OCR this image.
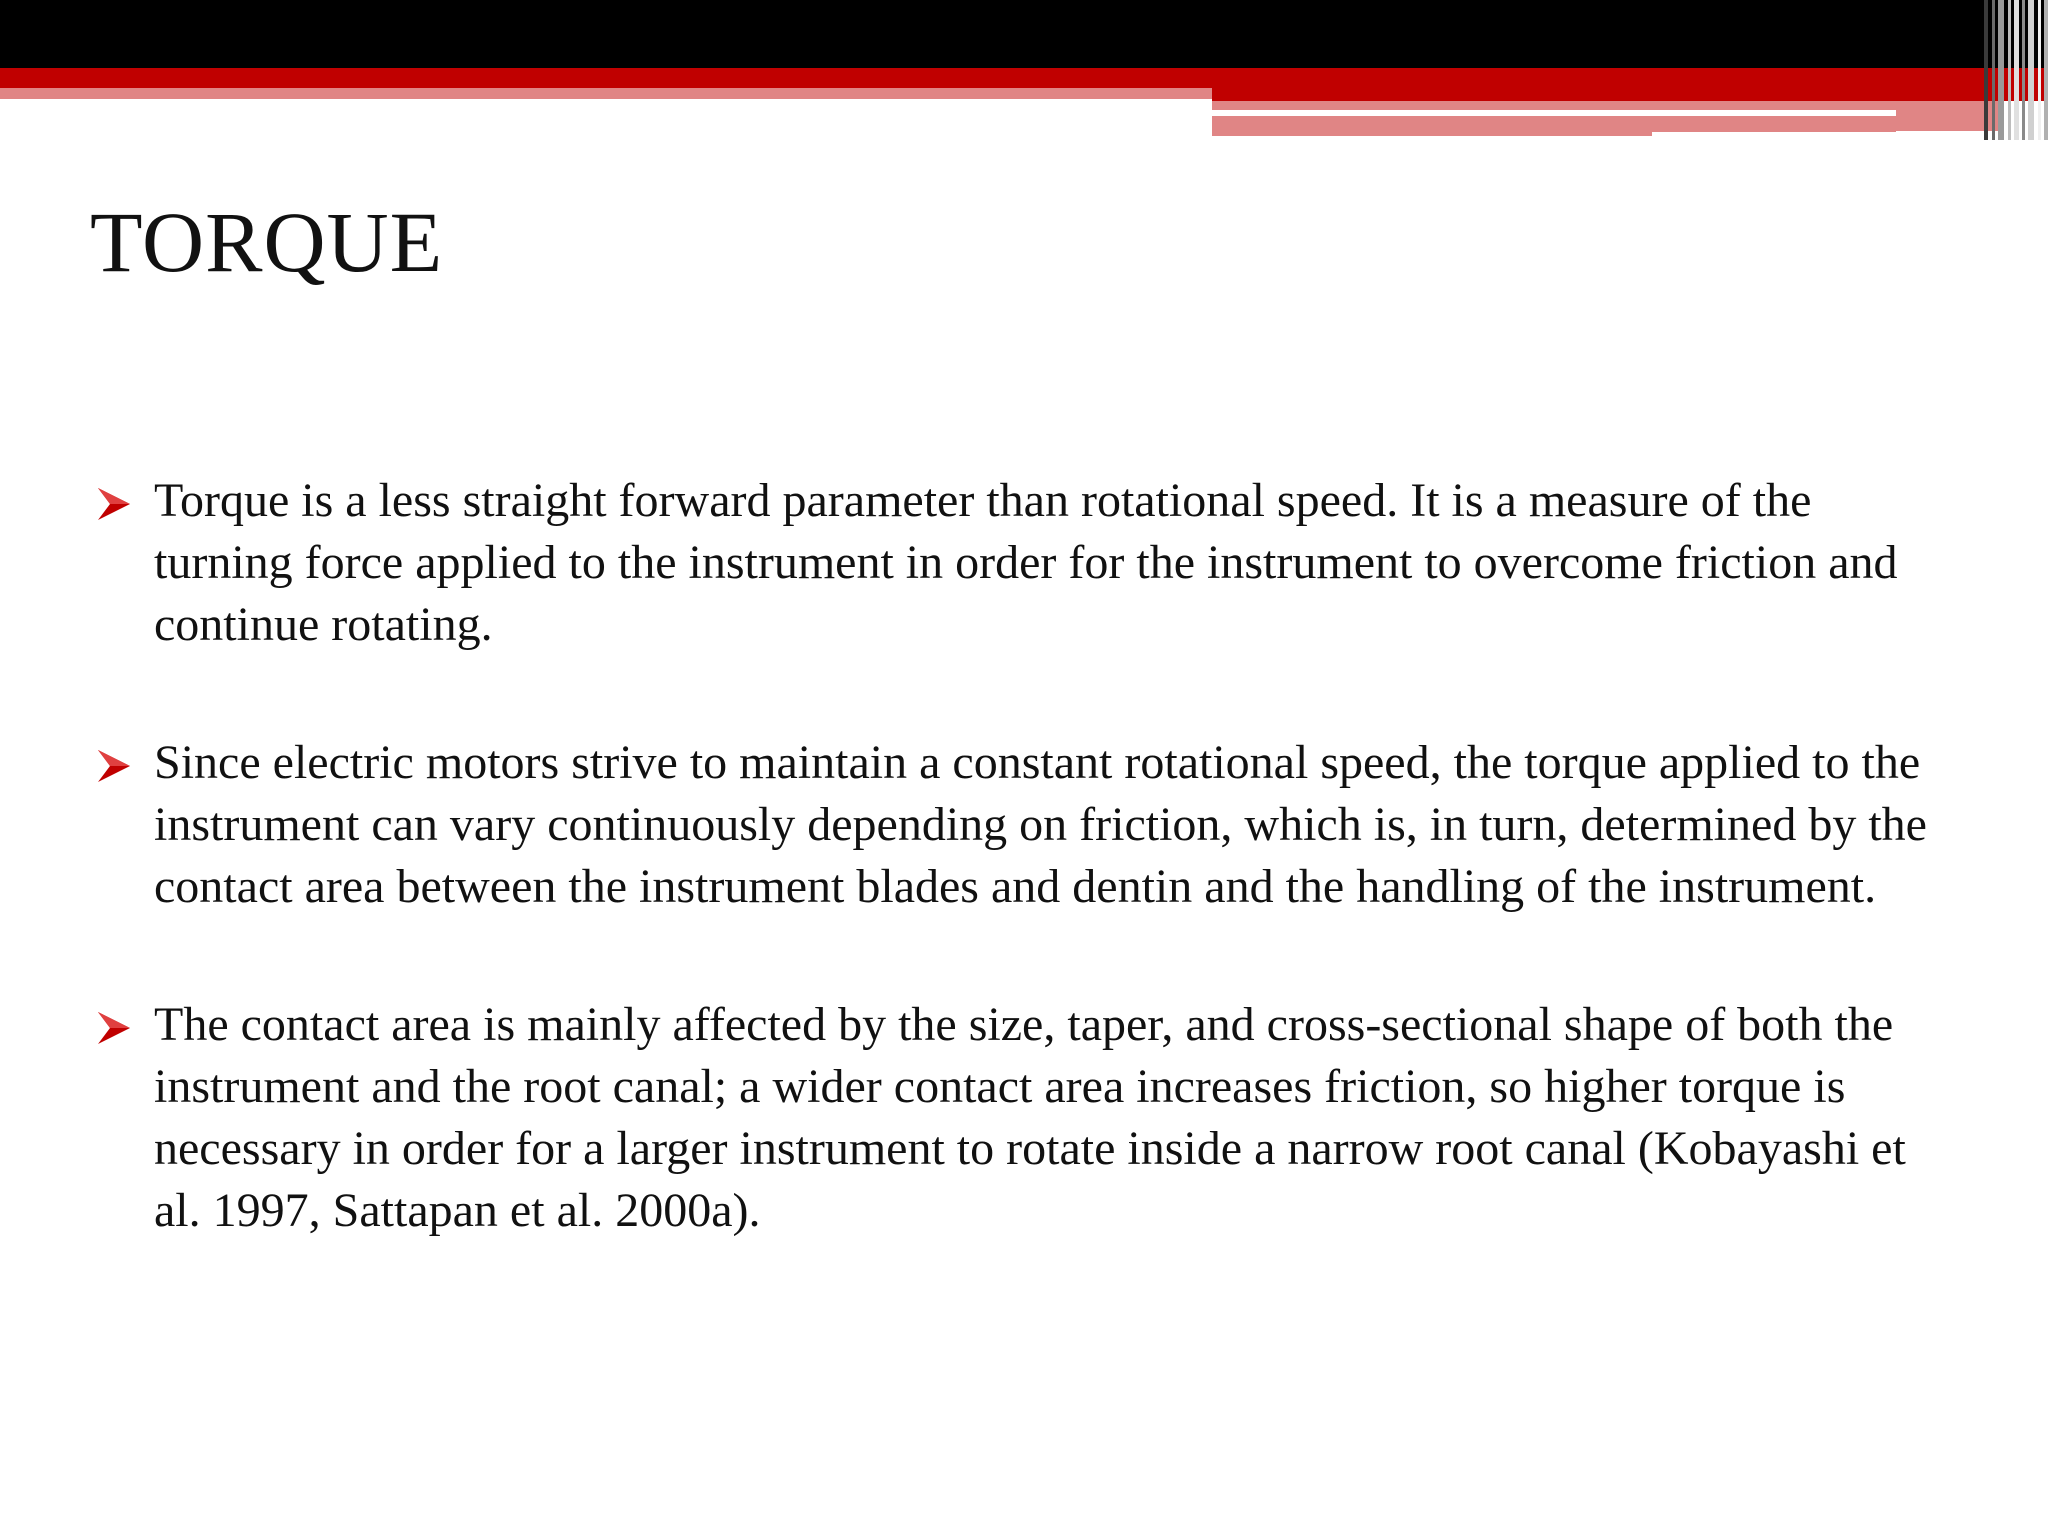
TORQUE
Torque is a less straight forward parameter than rotational speed. It is a measure of the turning force applied to the instrument in order for the instrument to overcome friction and continue rotating.
Since electric motors strive to maintain a constant rotational speed, the torque applied to the instrument can vary continuously depending on friction, which is, in turn, determined by the contact area between the instrument blades and dentin and the handling of the instrument.
The contact area is mainly affected by the size, taper, and cross-sectional shape of both the instrument and the root canal; a wider contact area increases friction, so higher torque is necessary in order for a larger instrument to rotate inside a narrow root canal (Kobayashi et al. 1997, Sattapan et al. 2000a).
